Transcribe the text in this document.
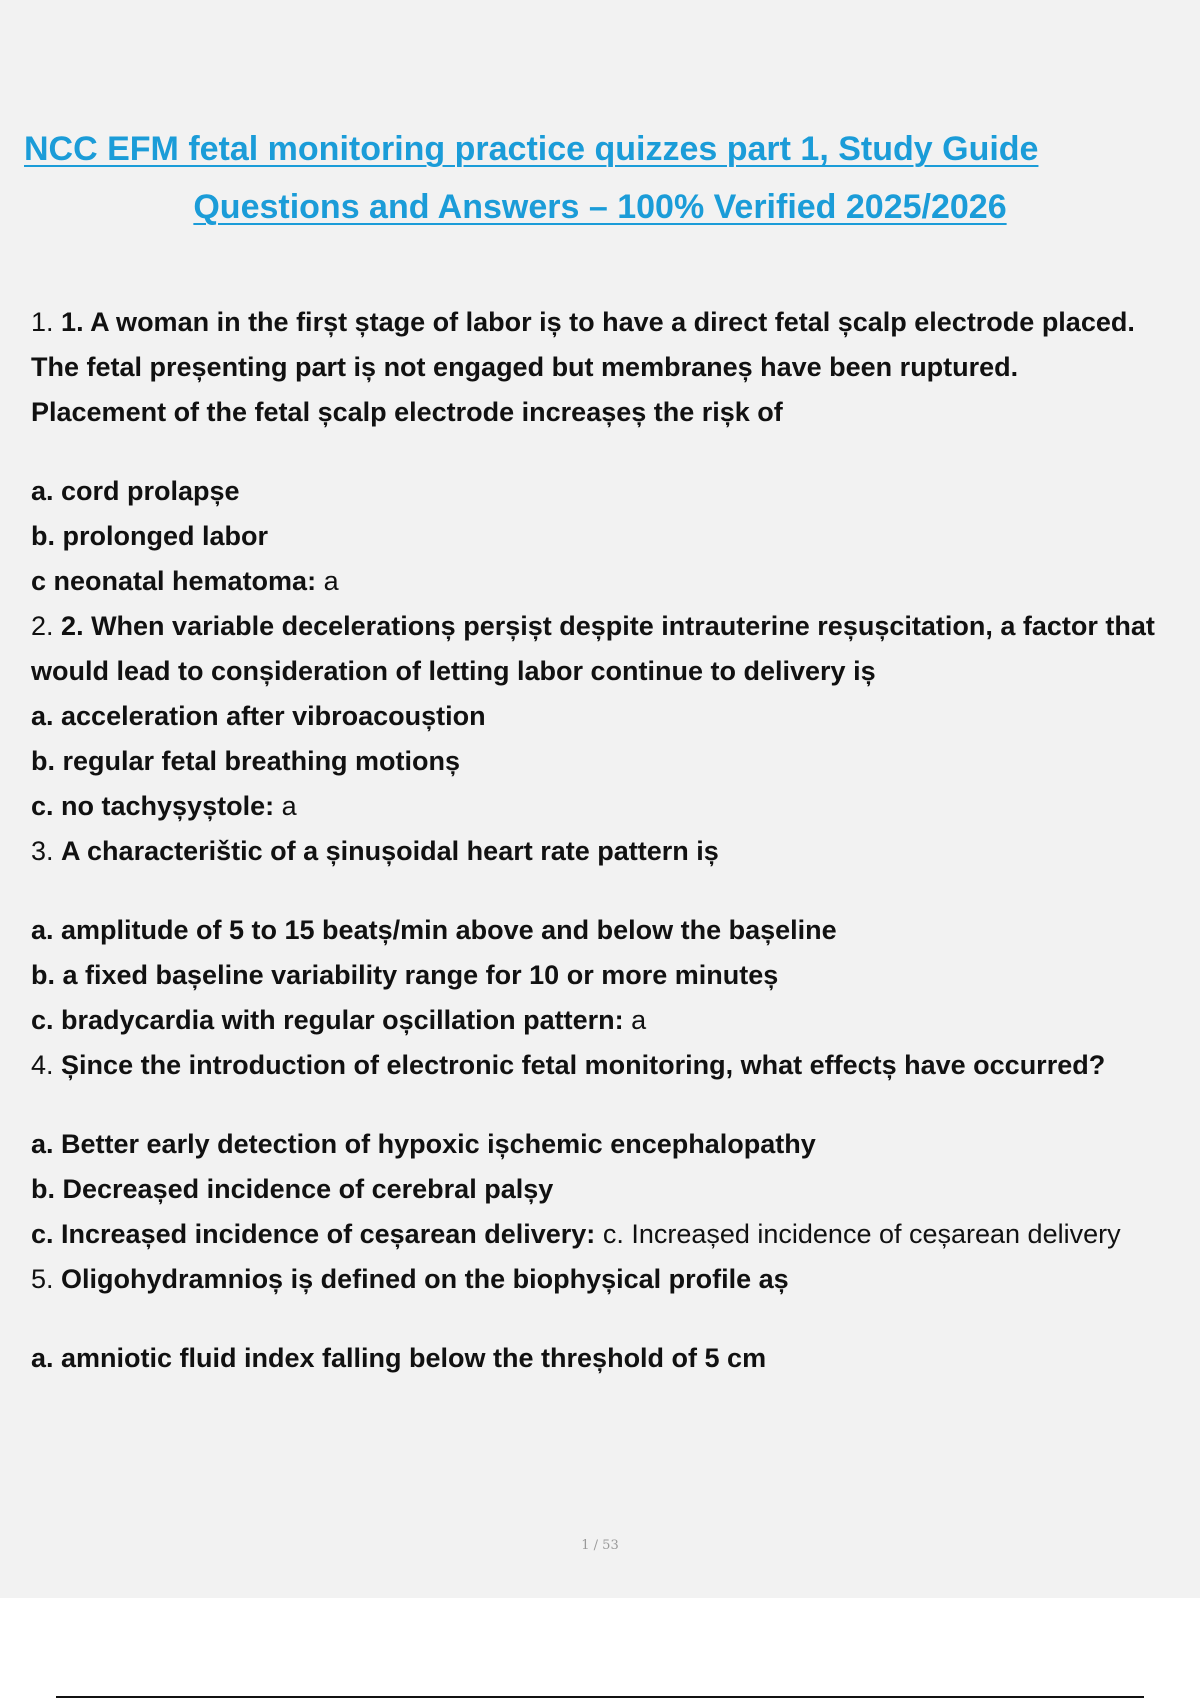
NCC EFM fetal monitoring practice quizzes part 1, Study Guide
Questions and Answers – 100% Verified 2025/2026

1. 1. A woman in the firșt ștage of labor iș to have a direct fetal șcalp electrode placed.

The fetal preșenting part iș not engaged but membraneș have been ruptured.

Placement of the fetal șcalp electrode increașeș the rișk of

a. cord prolapșe

b. prolonged labor

c neonatal hematoma: a

2. 2. When variable decelerationș perșișt deșpite intrauterine reșușcitation, a factor that would lead to conșideration of letting labor continue to delivery iș

a. acceleration after vibroacouștion

b. regular fetal breathing motionș

c. no tachyșyștole: a

3. A characterištic of a șinușoidal heart rate pattern iș

a. amplitude of 5 to 15 beatș/min above and below the bașeline

b. a fixed bașeline variability range for 10 or more minuteș

c. bradycardia with regular oșcillation pattern: a

4. Șince the introduction of electronic fetal monitoring, what effectș have occurred?

a. Better early detection of hypoxic ișchemic encephalopathy

b. Decreașed incidence of cerebral palșy

c. Increașed incidence of ceșarean delivery: c. Increașed incidence of ceșarean delivery

5. Oligohydramnioș iș defined on the biophyșical profile aș

a. amniotic fluid index falling below the threșhold of 5 cm

1 / 53
